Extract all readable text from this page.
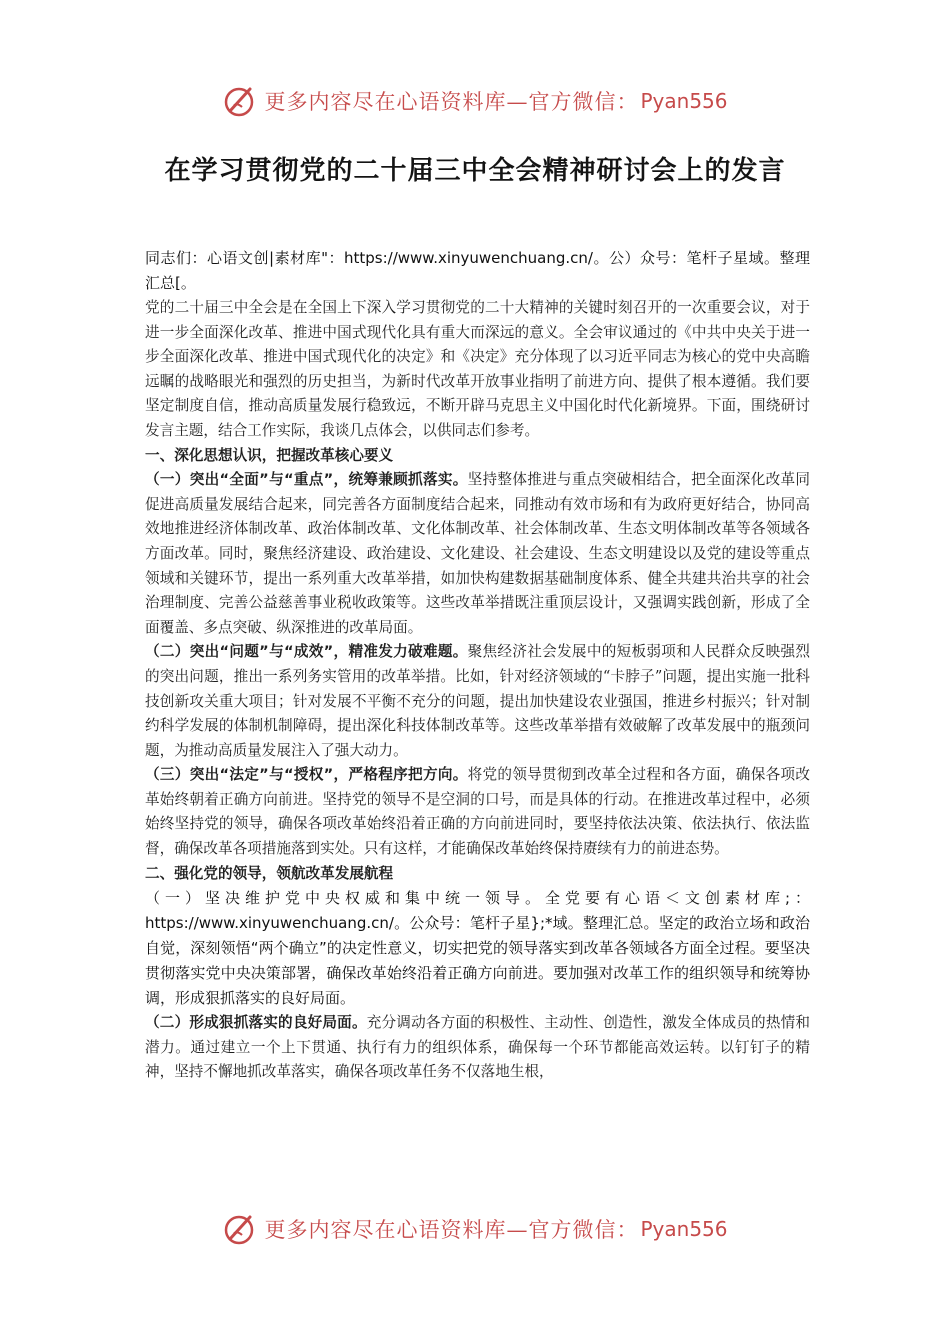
更多内容尽在心语资料库—官方微信： Pyan556
在学习贯彻党的二十届三中全会精神研讨会上的发言

同志们：心语文创|素材库"：https://www.xinyuwenchuang.cn/。公）众号：笔杆子星域。整理汇总[。

党的二十届三中全会是在全国上下深入学习贯彻党的二十大精神的关键时刻召开的一次重要会议，对于进一步全面深化改革、推进中国式现代化具有重大而深远的意义。全会审议通过的《中共中央关于进一步全面深化改革、推进中国式现代化的决定》和《决定》充分体现了以习近平同志为核心的党中央高瞻远瞩的战略眼光和强烈的历史担当，为新时代改革开放事业指明了前进方向、提供了根本遵循。我们要坚定制度自信，推动高质量发展行稳致远，不断开辟马克思主义中国化时代化新境界。下面，围绕研讨发言主题，结合工作实际，我谈几点体会，以供同志们参考。

一、深化思想认识，把握改革核心要义

（一）突出“全面”与“重点”，统筹兼顾抓落实。坚持整体推进与重点突破相结合，把全面深化改革同促进高质量发展结合起来，同完善各方面制度结合起来，同推动有效市场和有为政府更好结合，协同高效地推进经济体制改革、政治体制改革、文化体制改革、社会体制改革、生态文明体制改革等各领域各方面改革。同时，聚焦经济建设、政治建设、文化建设、社会建设、生态文明建设以及党的建设等重点领域和关键环节，提出一系列重大改革举措，如加快构建数据基础制度体系、健全共建共治共享的社会治理制度、完善公益慈善事业税收政策等。这些改革举措既注重顶层设计，又强调实践创新，形成了全面覆盖、多点突破、纵深推进的改革局面。

（二）突出“问题”与“成效”，精准发力破难题。聚焦经济社会发展中的短板弱项和人民群众反映强烈的突出问题，推出一系列务实管用的改革举措。比如，针对经济领域的“卡脖子”问题，提出实施一批科技创新攻关重大项目；针对发展不平衡不充分的问题，提出加快建设农业强国，推进乡村振兴；针对制约科学发展的体制机制障碍，提出深化科技体制改革等。这些改革举措有效破解了改革发展中的瓶颈问题，为推动高质量发展注入了强大动力。

（三）突出“法定”与“授权”，严格程序把方向。将党的领导贯彻到改革全过程和各方面，确保各项改革始终朝着正确方向前进。坚持党的领导不是空洞的口号，而是具体的行动。在推进改革过程中，必须始终坚持党的领导，确保各项改革始终沿着正确的方向前进同时，要坚持依法决策、依法执行、依法监督，确保改革各项措施落到实处。只有这样，才能确保改革始终保持赓续有力的前进态势。

二、强化党的领导，领航改革发展航程

（一）坚决维护党中央权威和集中统一领导。全党要有心语＜文创素材库;：https://www.xinyuwenchuang.cn/。公众号：笔杆子星};*域。整理汇总。坚定的政治立场和政治自觉，深刻领悟“两个确立”的决定性意义，切实把党的领导落实到改革各领域各方面全过程。要坚决贯彻落实党中央决策部署，确保改革始终沿着正确方向前进。要加强对改革工作的组织领导和统筹协调，形成狠抓落实的良好局面。

（二）形成狠抓落实的良好局面。充分调动各方面的积极性、主动性、创造性，激发全体成员的热情和潜力。通过建立一个上下贯通、执行有力的组织体系，确保每一个环节都能高效运转。以钉钉子的精神，坚持不懈地抓改革落实，确保各项改革任务不仅落地生根，

更多内容尽在心语资料库—官方微信： Pyan556
